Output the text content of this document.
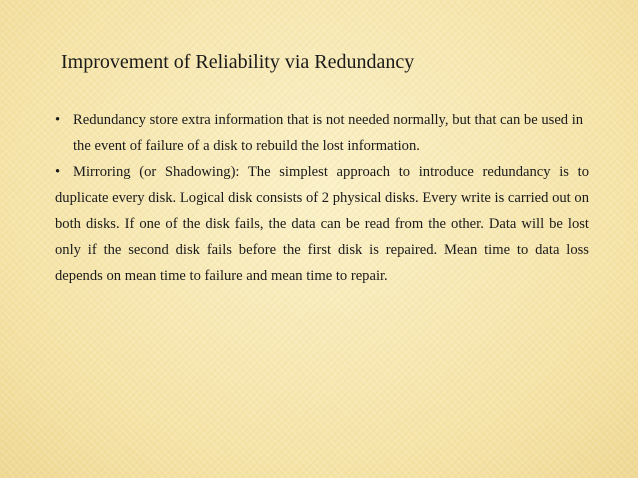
Improvement of Reliability via Redundancy

• Redundancy store extra information that is not needed normally, but that can be used in the event of failure of a disk to rebuild the lost information.

• Mirroring (or Shadowing): The simplest approach to introduce redundancy is to duplicate every disk. Logical disk consists of 2 physical disks. Every write is carried out on both disks. If one of the disk fails, the data can be read from the other. Data will be lost only if the second disk fails before the first disk is repaired. Mean time to data loss depends on mean time to failure and mean time to repair.
